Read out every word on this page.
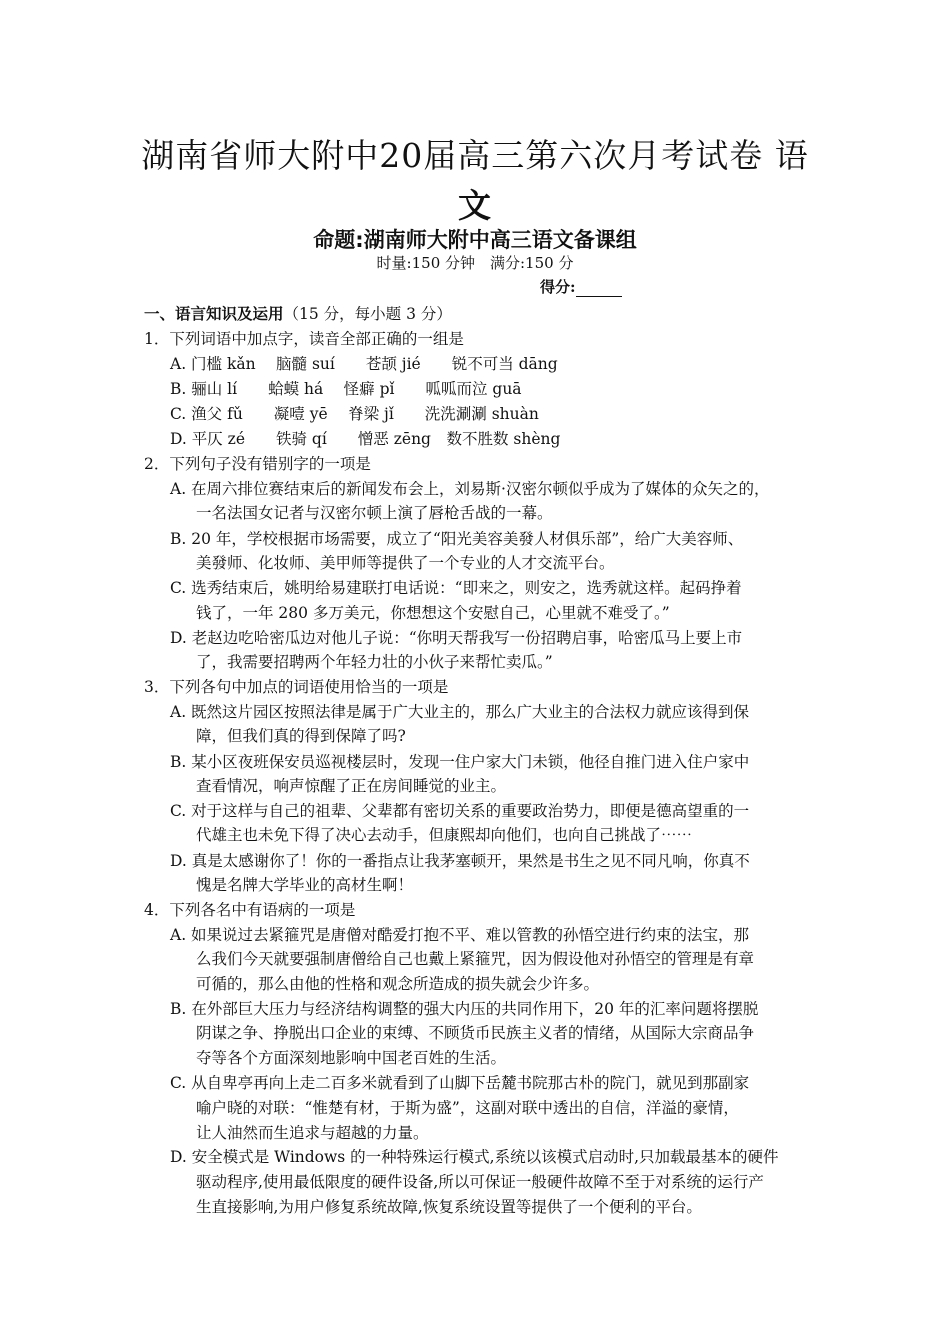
湖南省师大附中20届高三第六次月考试卷 语
文
命题:湖南师大附中高三语文备课组
时量:150 分钟　满分:150 分
得分:
一、语言知识及运用（15 分，每小题 3 分）
1．下列词语中加点字，读音全部正确的一组是
A. 门槛 kǎn　 脑髓 suí　　苍颉 jié　　锐不可当 dāng
B. 骊山 lí　　蛤蟆 há　 怪癖 pǐ　　呱呱而泣 guā
C. 渔父 fǔ　　凝噎 yē　 脊梁 jǐ　　洗洗涮涮 shuàn
D. 平仄 zé　　铁骑 qí　　憎恶 zēng　数不胜数 shèng
2．下列句子没有错别字的一项是
A. 在周六排位赛结束后的新闻发布会上，刘易斯·汉密尔顿似乎成为了媒体的众矢之的，
一名法国女记者与汉密尔顿上演了唇枪舌战的一幕。
B. 20 年，学校根据市场需要，成立了“阳光美容美發人材俱乐部”，给广大美容师、
美發师、化妆师、美甲师等提供了一个专业的人才交流平台。
C. 选秀结束后，姚明给易建联打电话说：“即来之，则安之，选秀就这样。起码挣着
钱了，一年 280 多万美元，你想想这个安慰自己，心里就不难受了。”
D. 老赵边吃哈密瓜边对他儿子说：“你明天帮我写一份招聘启事，哈密瓜马上要上市
了，我需要招聘两个年轻力壮的小伙子来帮忙卖瓜。”
3．下列各句中加点的词语使用恰当的一项是
A. 既然这片园区按照法律是属于广大业主的，那么广大业主的合法权力就应该得到保
障，但我们真的得到保障了吗?
B. 某小区夜班保安员巡视楼层时，发现一住户家大门未锁，他径自推门进入住户家中
查看情况，响声惊醒了正在房间睡觉的业主。
C. 对于这样与自己的祖辈、父辈都有密切关系的重要政治势力，即便是德高望重的一
代雄主也未免下得了决心去动手，但康熙却向他们，也向自己挑战了⋯⋯
D. 真是太感谢你了！你的一番指点让我茅塞顿开，果然是书生之见不同凡响，你真不
愧是名牌大学毕业的高材生啊！
4．下列各名中有语病的一项是
A. 如果说过去紧箍咒是唐僧对酷爱打抱不平、难以管教的孙悟空进行约束的法宝，那
么我们今天就要强制唐僧给自己也戴上紧箍咒，因为假设他对孙悟空的管理是有章
可循的，那么由他的性格和观念所造成的损失就会少许多。
B. 在外部巨大压力与经济结构调整的强大内压的共同作用下，20 年的汇率问题将摆脱
阴谋之争、挣脱出口企业的束缚、不顾货币民族主义者的情绪，从国际大宗商品争
夺等各个方面深刻地影响中国老百姓的生活。
C. 从自卑亭再向上走二百多米就看到了山脚下岳麓书院那古朴的院门，就见到那副家
喻户晓的对联：“惟楚有材，于斯为盛”，这副对联中透出的自信，洋溢的豪情，
让人油然而生追求与超越的力量。
D. 安全模式是 Windows 的一种特殊运行模式,系统以该模式启动时,只加载最基本的硬件
驱动程序,使用最低限度的硬件设备,所以可保证一般硬件故障不至于对系统的运行产
生直接影响,为用户修复系统故障,恢复系统设置等提供了一个便利的平台。
